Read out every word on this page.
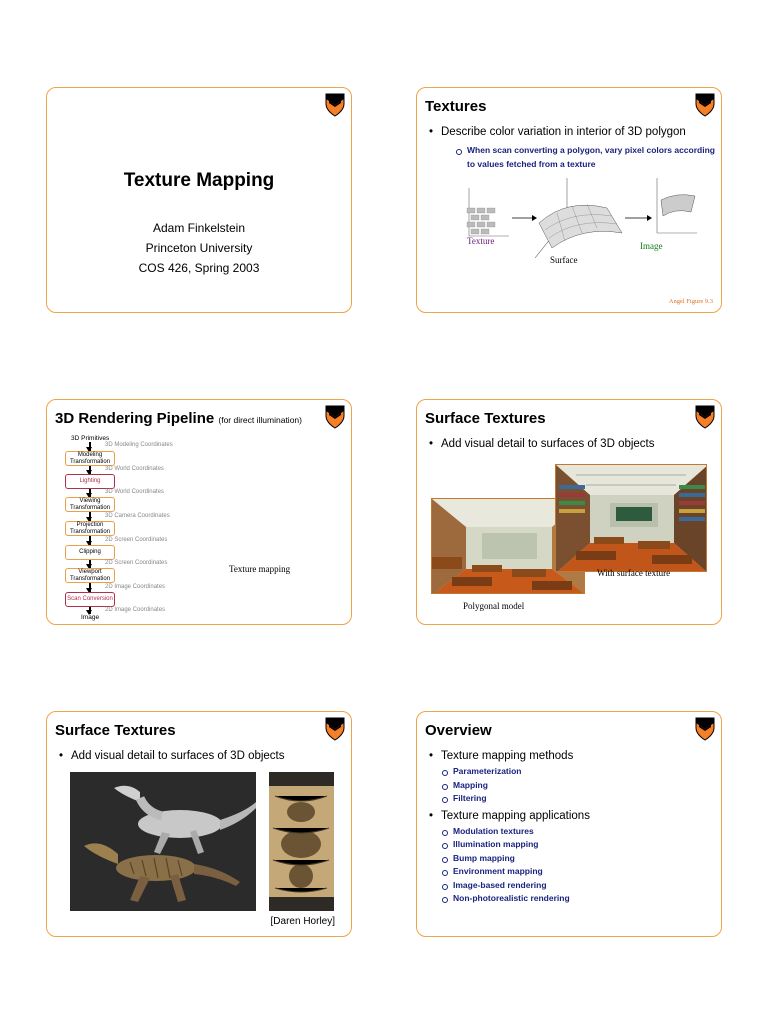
Texture Mapping
Adam Finkelstein
Princeton University
COS 426, Spring 2003
Textures
• Describe color variation in interior of 3D polygon
When scan converting a polygon, vary pixel colors according to values fetched from a texture
Texture
Surface
Image
Angel Figure 9.3
3D Rendering Pipeline (for direct illumination)
3D Primitives
3D Modeling Coordinates
Modeling Transformation
3D World Coordinates
Lighting
3D World Coordinates
Viewing Transformation
3D Camera Coordinates
Projection Transformation
2D Screen Coordinates
Clipping
2D Screen Coordinates
Viewport Transformation
2D Image Coordinates
Scan Conversion
2D Image Coordinates
Image
Texture mapping
Surface Textures
• Add visual detail to surfaces of 3D objects
With surface texture
Polygonal model
Surface Textures
• Add visual detail to surfaces of 3D objects
[Daren Horley]
Overview
• Texture mapping methods
Parameterization
Mapping
Filtering
• Texture mapping applications
Modulation textures
Illumination mapping
Bump mapping
Environment mapping
Image-based rendering
Non-photorealistic rendering
